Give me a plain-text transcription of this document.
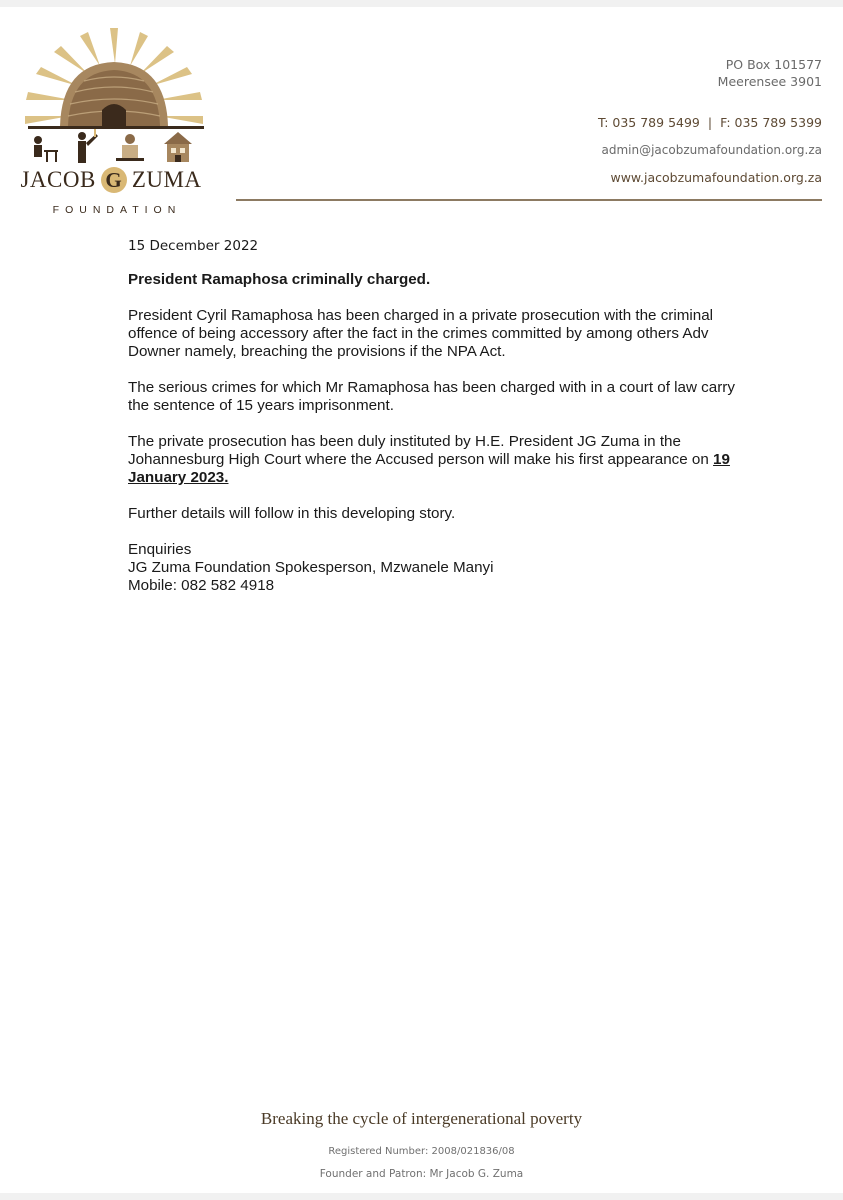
JACOB G ZUMA
FOUNDATION
PO Box 101577
Meerensee 3901
T: 035 789 5499 | F: 035 789 5399
admin@jacobzumafoundation.org.za
www.jacobzumafoundation.org.za
15 December 2022
President Ramaphosa criminally charged.

President Cyril Ramaphosa has been charged in a private prosecution with the criminal offence of being accessory after the fact in the crimes committed by among others Adv Downer namely, breaching the provisions if the NPA Act.

The serious crimes for which Mr Ramaphosa has been charged with in a court of law carry the sentence of 15 years imprisonment.

The private prosecution has been duly instituted by H.E. President JG Zuma in the Johannesburg High Court where the Accused person will make his first appearance on 19 January 2023.

Further details will follow in this developing story.

Enquiries

JG Zuma Foundation Spokesperson, Mzwanele Manyi

Mobile: 082 582 4918

Breaking the cycle of intergenerational poverty
Registered Number: 2008/021836/08
Founder and Patron: Mr Jacob G. Zuma
